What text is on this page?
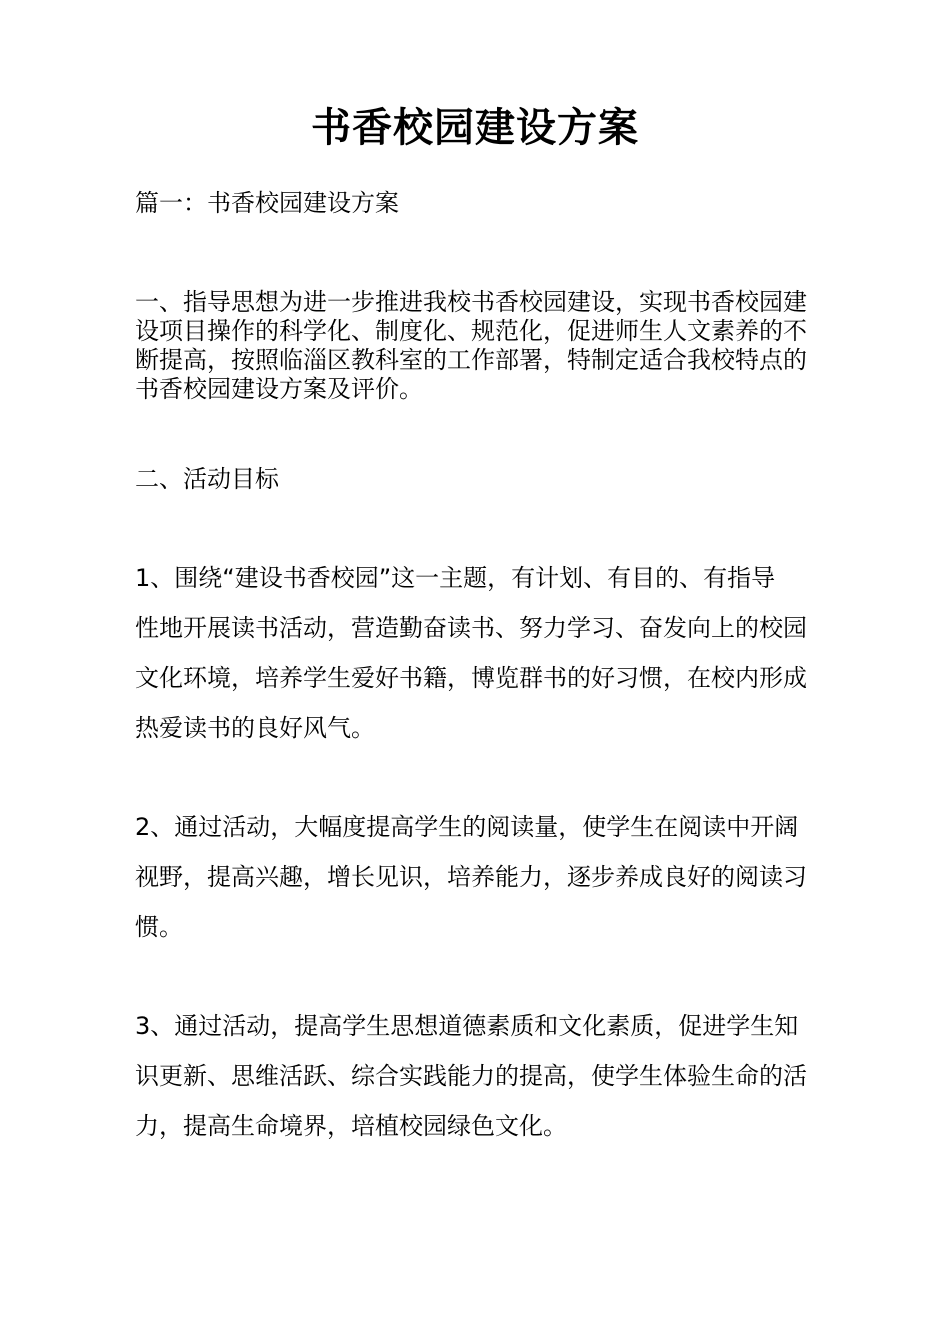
书香校园建设方案

篇一：书香校园建设方案

一、指导思想为进一步推进我校书香校园建设，实现书香校园建

设项目操作的科学化、制度化、规范化，促进师生人文素养的不

断提高，按照临淄区教科室的工作部署，特制定适合我校特点的

书香校园建设方案及评价。

二、活动目标

1、围绕“建设书香校园”这一主题，有计划、有目的、有指导

性地开展读书活动，营造勤奋读书、努力学习、奋发向上的校园

文化环境，培养学生爱好书籍，博览群书的好习惯，在校内形成

热爱读书的良好风气。

2、通过活动，大幅度提高学生的阅读量，使学生在阅读中开阔

视野，提高兴趣，增长见识，培养能力，逐步养成良好的阅读习

惯。

3、通过活动，提高学生思想道德素质和文化素质，促进学生知

识更新、思维活跃、综合实践能力的提高，使学生体验生命的活

力，提高生命境界，培植校园绿色文化。
